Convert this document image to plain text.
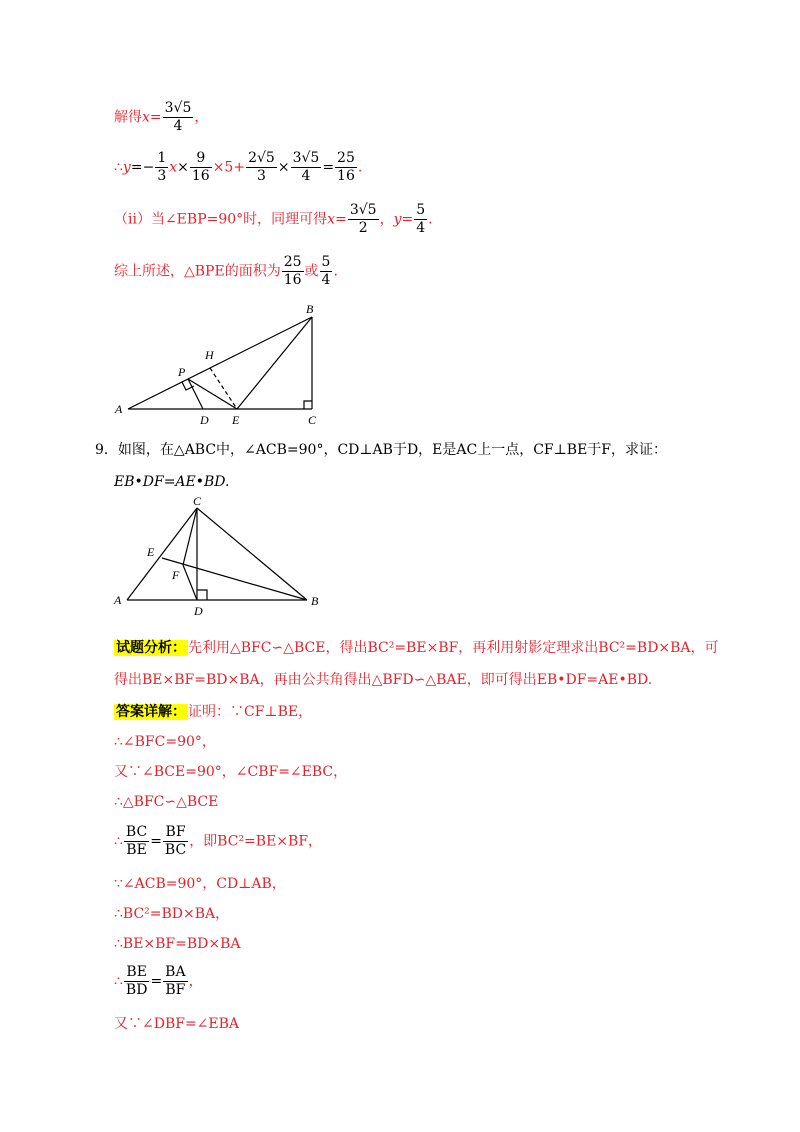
解得$x= \frac{3√5}{4}$ ，
∴y=− $\frac{1}{3} x\times \frac{9}{16} \times 5+ \frac{2√5}{3} \times \frac{3√5}{4} = \frac{25}{16}$ .
（ii）当∠EBP=90°时，同理可得$x= \frac{3√5}{2}$ ，$y= \frac{5}{4}$ .
综上所述，△BPE的面积为 $\frac{25}{16}$ 或 $\frac{5}{4}$ .
B
H
P
A
D E	C
9．如图，在△ABC中，∠ACB=90°，CD⊥AB于D，E是AC上一点，CF⊥BE于F，求证：
EB•DF=AE•BD.
C
E
F
A
D
B
试题分析： 先利用△BFC∽△BCE，得出BC²=BE×BF，再利用射影定理求出BC²=BD×BA，可
得出BE×BF=BD×BA，再由公共角得出△BFD∽△BAE，即可得出EB•DF=AE•BD.
答案详解： 证明：∵CF⊥BE，
∴∠BFC=90°，
又∵∠BCE=90°，∠CBF=∠EBC，
∴△BFC∽△BCE
∴ $\frac{BC}{BE} = \frac{BF}{BC}$ ，即BC²=BE×BF，
∵∠ACB=90°，CD⊥AB，
∴BC²=BD×BA，
∴BE×BF=BD×BA
∴ $\frac{BE}{BD} = \frac{BA}{BF}$ ，
又∵∠DBF=∠EBA
